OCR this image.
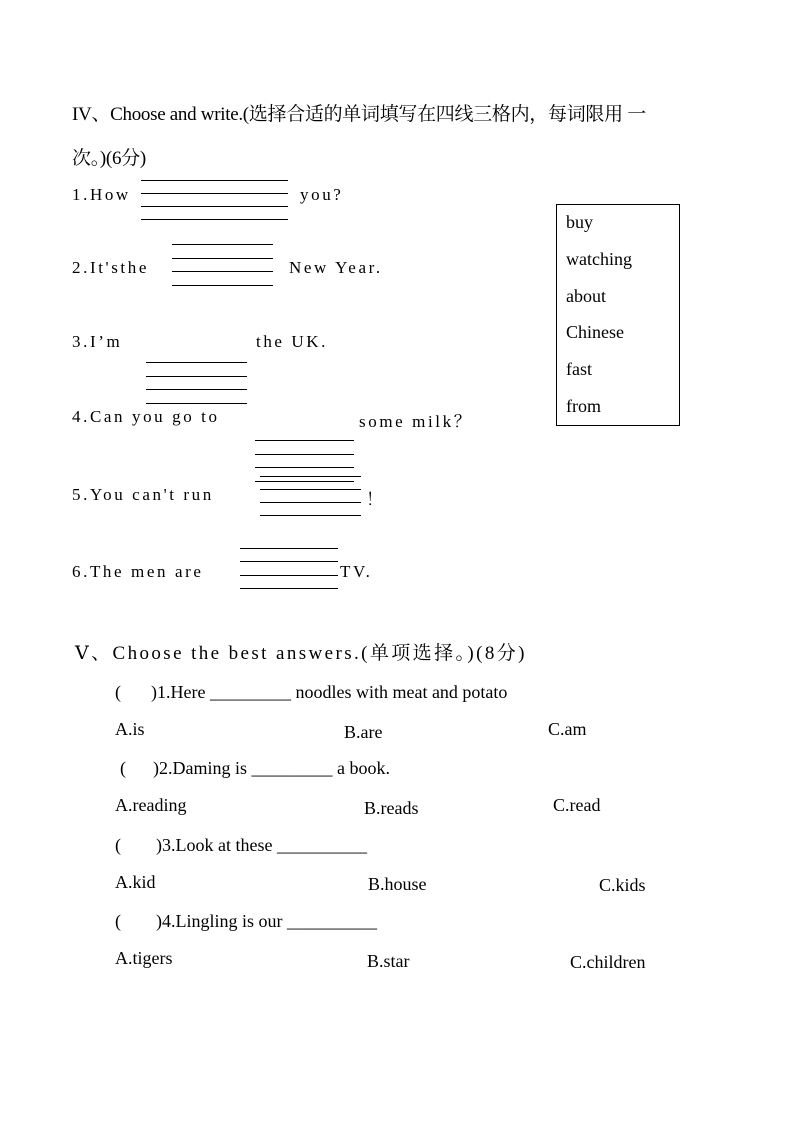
IV、Choose and write.(选择合适的单词填写在四线三格内，每词限用 一
次。)(6分)
1.How	you?
2.It'sthe	New Year.
3.I’m	the UK.
4.Can you go to	some milk？
5.You can't run	！
6.The men are	TV.
buy
watching
about
Chinese
fast
from
Ⅴ、Choose the best answers.(单项选择。)(8分)
( )1.Here _________ noodles with meat and potato
A.is	B.are	C.am
( )2.Daming is _________ a book.
A.reading	B.reads	C.read
( )3.Look at these __________
A.kid	B.house	C.kids
( )4.Lingling is our __________
A.tigers	B.star	C.children
